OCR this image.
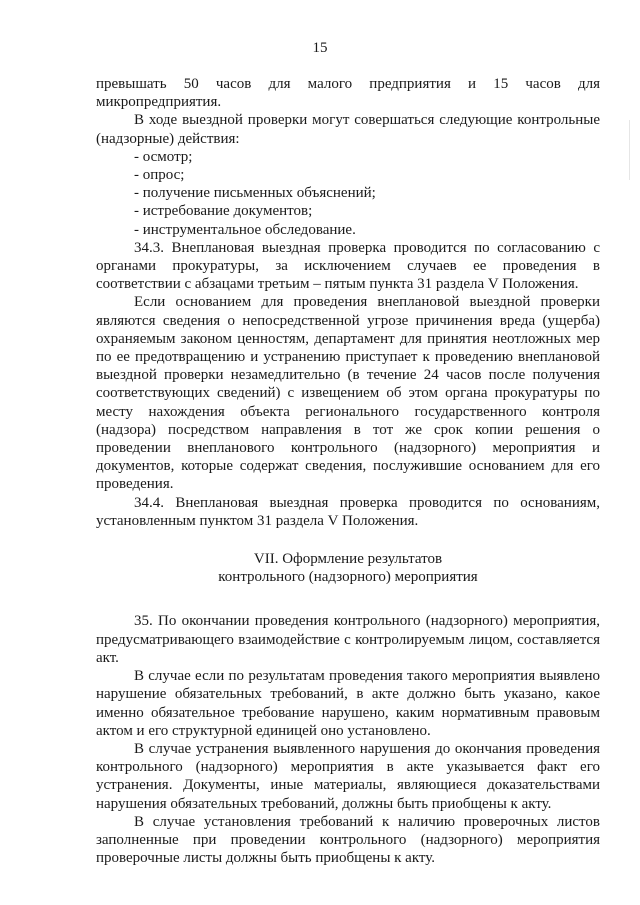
15

превышать 50 часов для малого предприятия и 15 часов для микропредприятия.

В ходе выездной проверки могут совершаться следующие контрольные (надзорные) действия:

- осмотр;
- опрос;
- получение письменных объяснений;
- истребование документов;
- инструментальное обследование.

34.3. Внеплановая выездная проверка проводится по согласованию с органами прокуратуры, за исключением случаев ее проведения в соответствии с абзацами третьим – пятым пункта 31 раздела V Положения.

Если основанием для проведения внеплановой выездной проверки являются сведения о непосредственной угрозе причинения вреда (ущерба) охраняемым законом ценностям, департамент для принятия неотложных мер по ее предотвращению и устранению приступает к проведению внеплановой выездной проверки незамедлительно (в течение 24 часов после получения соответствующих сведений) с извещением об этом органа прокуратуры по месту нахождения объекта регионального государственного контроля (надзора) посредством направления в тот же срок копии решения о проведении внепланового контрольного (надзорного) мероприятия и документов, которые содержат сведения, послужившие основанием для его проведения.

34.4. Внеплановая выездная проверка проводится по основаниям, установленным пунктом 31 раздела V Положения.

VII. Оформление результатов
контрольного (надзорного) мероприятия

35. По окончании проведения контрольного (надзорного) мероприятия, предусматривающего взаимодействие с контролируемым лицом, составляется акт.

В случае если по результатам проведения такого мероприятия выявлено нарушение обязательных требований, в акте должно быть указано, какое именно обязательное требование нарушено, каким нормативным правовым актом и его структурной единицей оно установлено.

В случае устранения выявленного нарушения до окончания проведения контрольного (надзорного) мероприятия в акте указывается факт его устранения. Документы, иные материалы, являющиеся доказательствами нарушения обязательных требований, должны быть приобщены к акту.

В случае установления требований к наличию проверочных листов заполненные при проведении контрольного (надзорного) мероприятия проверочные листы должны быть приобщены к акту.
